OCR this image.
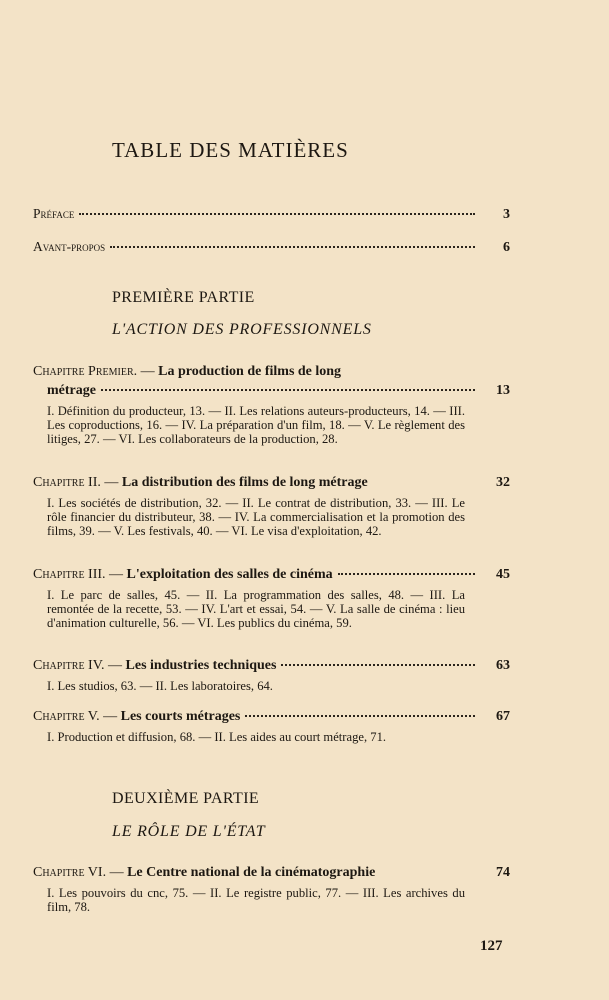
TABLE DES MATIÈRES
Préface	3
Avant-propos	6
PREMIÈRE PARTIE
L'ACTION DES PROFESSIONNELS
Chapitre Premier. — La production de films de long
métrage	13
I. Définition du producteur, 13. — II. Les relations auteurs-producteurs, 14. — III. Les coproductions, 16. — IV. La préparation d'un film, 18. — V. Le règlement des litiges, 27. — VI. Les collaborateurs de la production, 28.
Chapitre II. — La distribution des films de long métrage	32
I. Les sociétés de distribution, 32. — II. Le contrat de distribution, 33. — III. Le rôle financier du distributeur, 38. — IV. La commercialisation et la promotion des films, 39. — V. Les festivals, 40. — VI. Le visa d'exploitation, 42.
Chapitre III. — L'exploitation des salles de cinéma	45
I. Le parc de salles, 45. — II. La programmation des salles, 48. — III. La remontée de la recette, 53. — IV. L'art et essai, 54. — V. La salle de cinéma : lieu d'animation culturelle, 56. — VI. Les publics du cinéma, 59.
Chapitre IV. — Les industries techniques	63
I. Les studios, 63. — II. Les laboratoires, 64.
Chapitre V. — Les courts métrages	67
I. Production et diffusion, 68. — II. Les aides au court métrage, 71.
DEUXIÈME PARTIE
LE RÔLE DE L'ÉTAT
Chapitre VI. — Le Centre national de la cinématographie	74
I. Les pouvoirs du cnc, 75. — II. Le registre public, 77. — III. Les archives du film, 78.
127
